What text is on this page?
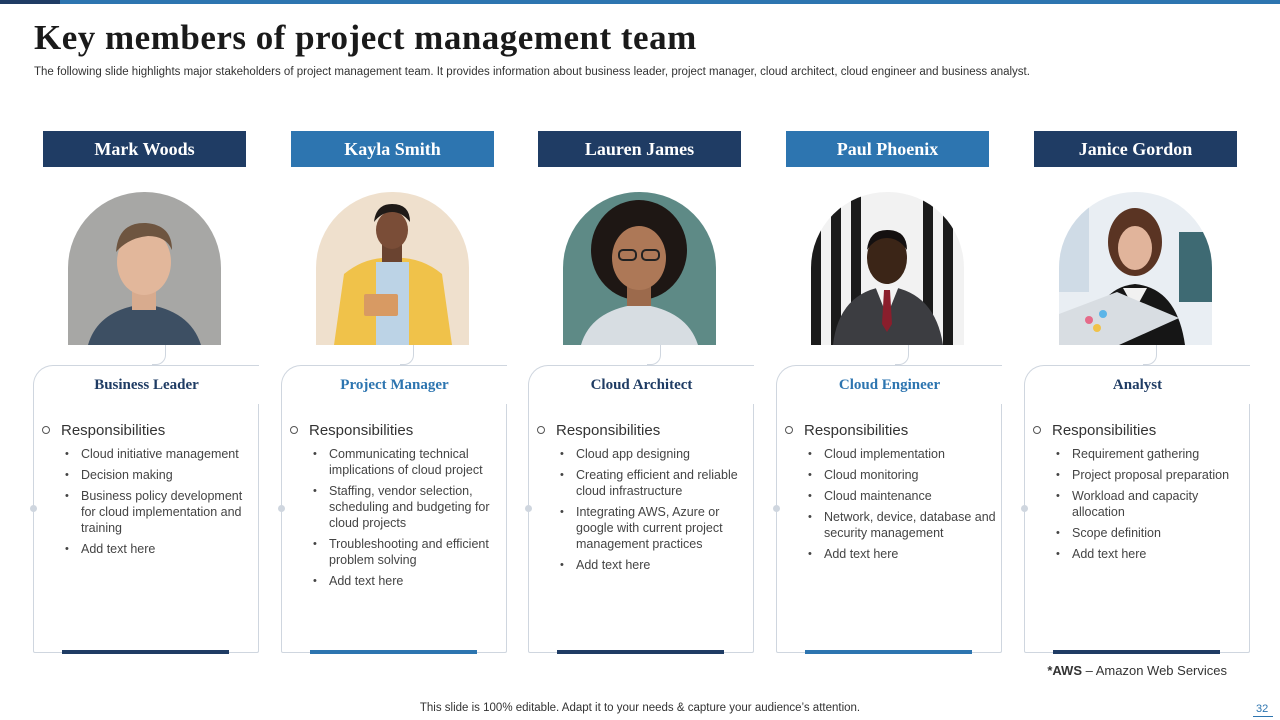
Key members of project management team

The following slide highlights major stakeholders of project management team. It provides information about business leader, project manager, cloud architect, cloud engineer and business analyst.

Mark Woods
Business Leader
Responsibilities
• Cloud initiative management
• Decision making
• Business policy development for cloud implementation and training
• Add text here
Kayla Smith
Project Manager
Responsibilities
• Communicating technical implications of cloud project
• Staffing, vendor selection, scheduling and budgeting for cloud projects
• Troubleshooting and efficient problem solving
• Add text here
Lauren James
Cloud Architect
Responsibilities
• Cloud app designing
• Creating efficient and reliable cloud infrastructure
• Integrating AWS, Azure or google with current project management practices
• Add text here
Paul Phoenix
Cloud Engineer
Responsibilities
• Cloud implementation
• Cloud monitoring
• Cloud maintenance
• Network, device, database and security management
• Add text here
Janice Gordon
Analyst
Responsibilities
• Requirement gathering
• Project proposal preparation
• Workload and capacity allocation
• Scope definition
• Add text here
*AWS – Amazon Web Services
This slide is 100% editable. Adapt it to your needs & capture your audience’s attention.	32
